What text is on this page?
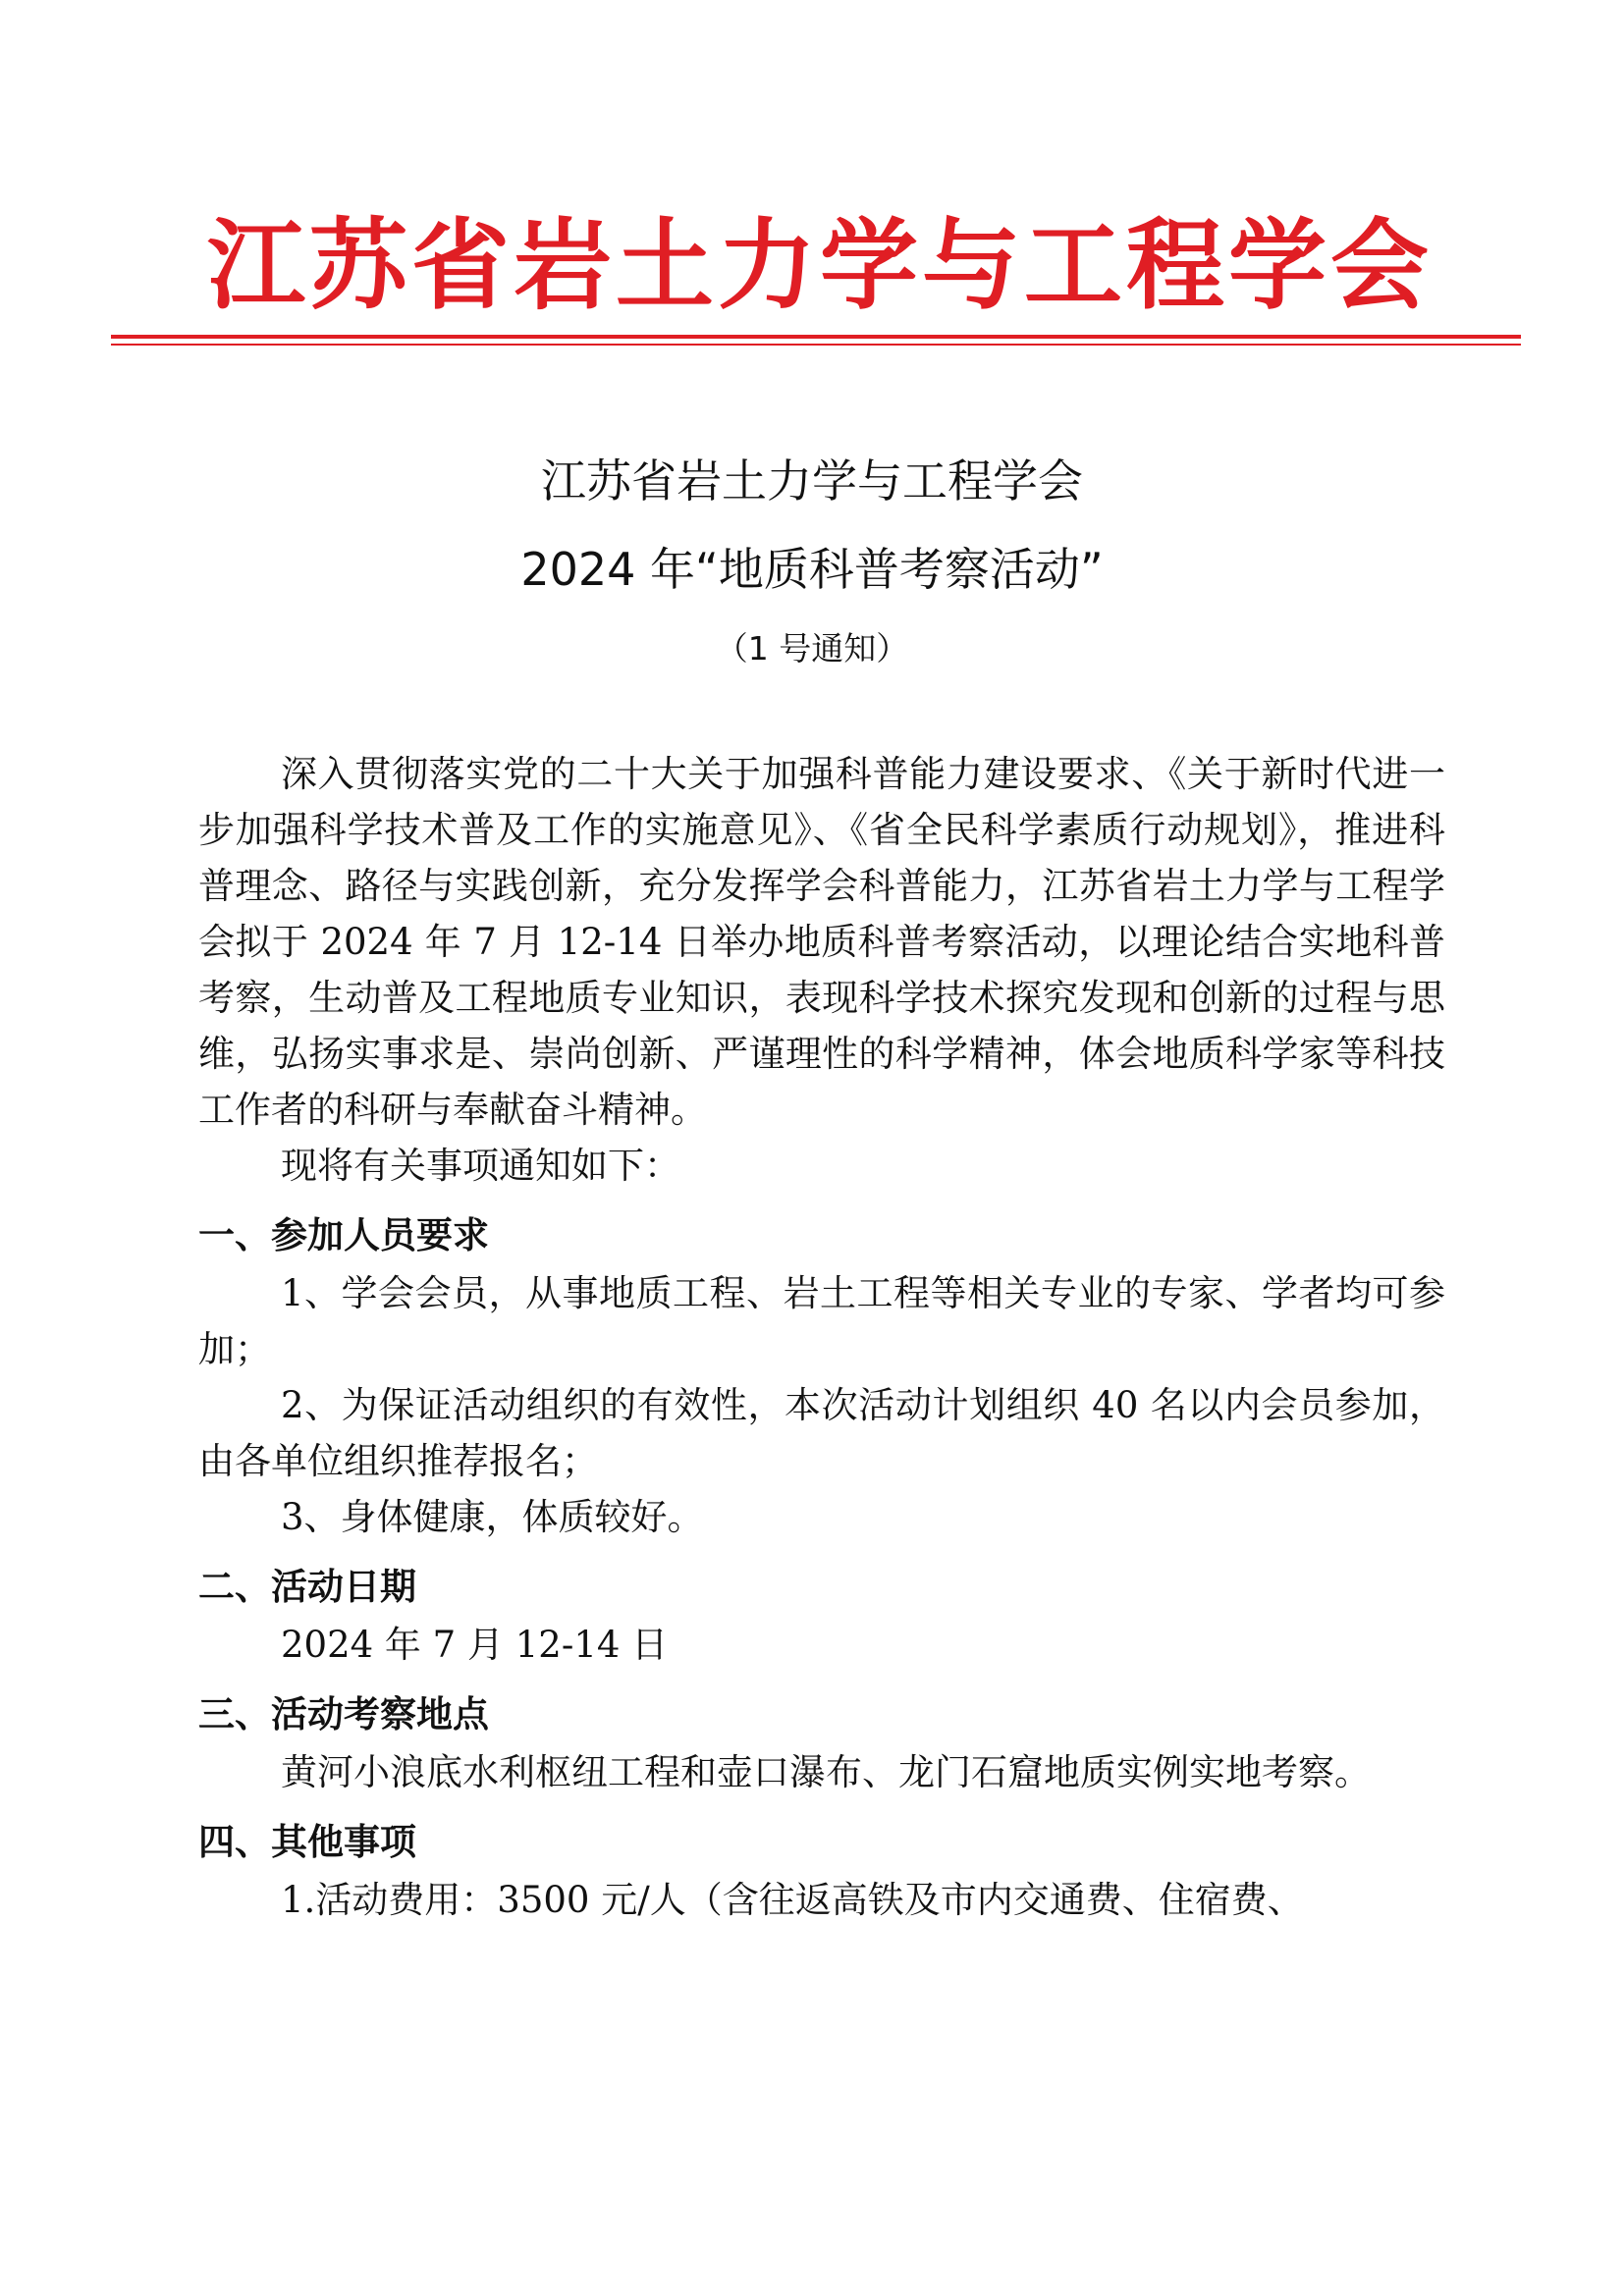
江苏省岩土力学与工程学会
江苏省岩土力学与工程学会
2024 年“地质科普考察活动”
（1 号通知）

深入贯彻落实党的二十大关于加强科普能力建设要求、《关于新时代进一步加强科学技术普及工作的实施意见》、《省全民科学素质行动规划》，推进科普理念、路径与实践创新，充分发挥学会科普能力，江苏省岩土力学与工程学会拟于 2024 年 7 月 12-14 日举办地质科普考察活动，以理论结合实地科普考察，生动普及工程地质专业知识，表现科学技术探究发现和创新的过程与思维，弘扬实事求是、崇尚创新、严谨理性的科学精神，体会地质科学家等科技工作者的科研与奉献奋斗精神。

现将有关事项通知如下：

一、参加人员要求

1、学会会员，从事地质工程、岩土工程等相关专业的专家、学者均可参加；

2、为保证活动组织的有效性，本次活动计划组织 40 名以内会员参加，由各单位组织推荐报名；

3、身体健康，体质较好。

二、活动日期

2024 年 7 月 12-14 日

三、活动考察地点

黄河小浪底水利枢纽工程和壶口瀑布、龙门石窟地质实例实地考察。

四、其他事项

1.活动费用：3500 元/人（含往返高铁及市内交通费、住宿费、
